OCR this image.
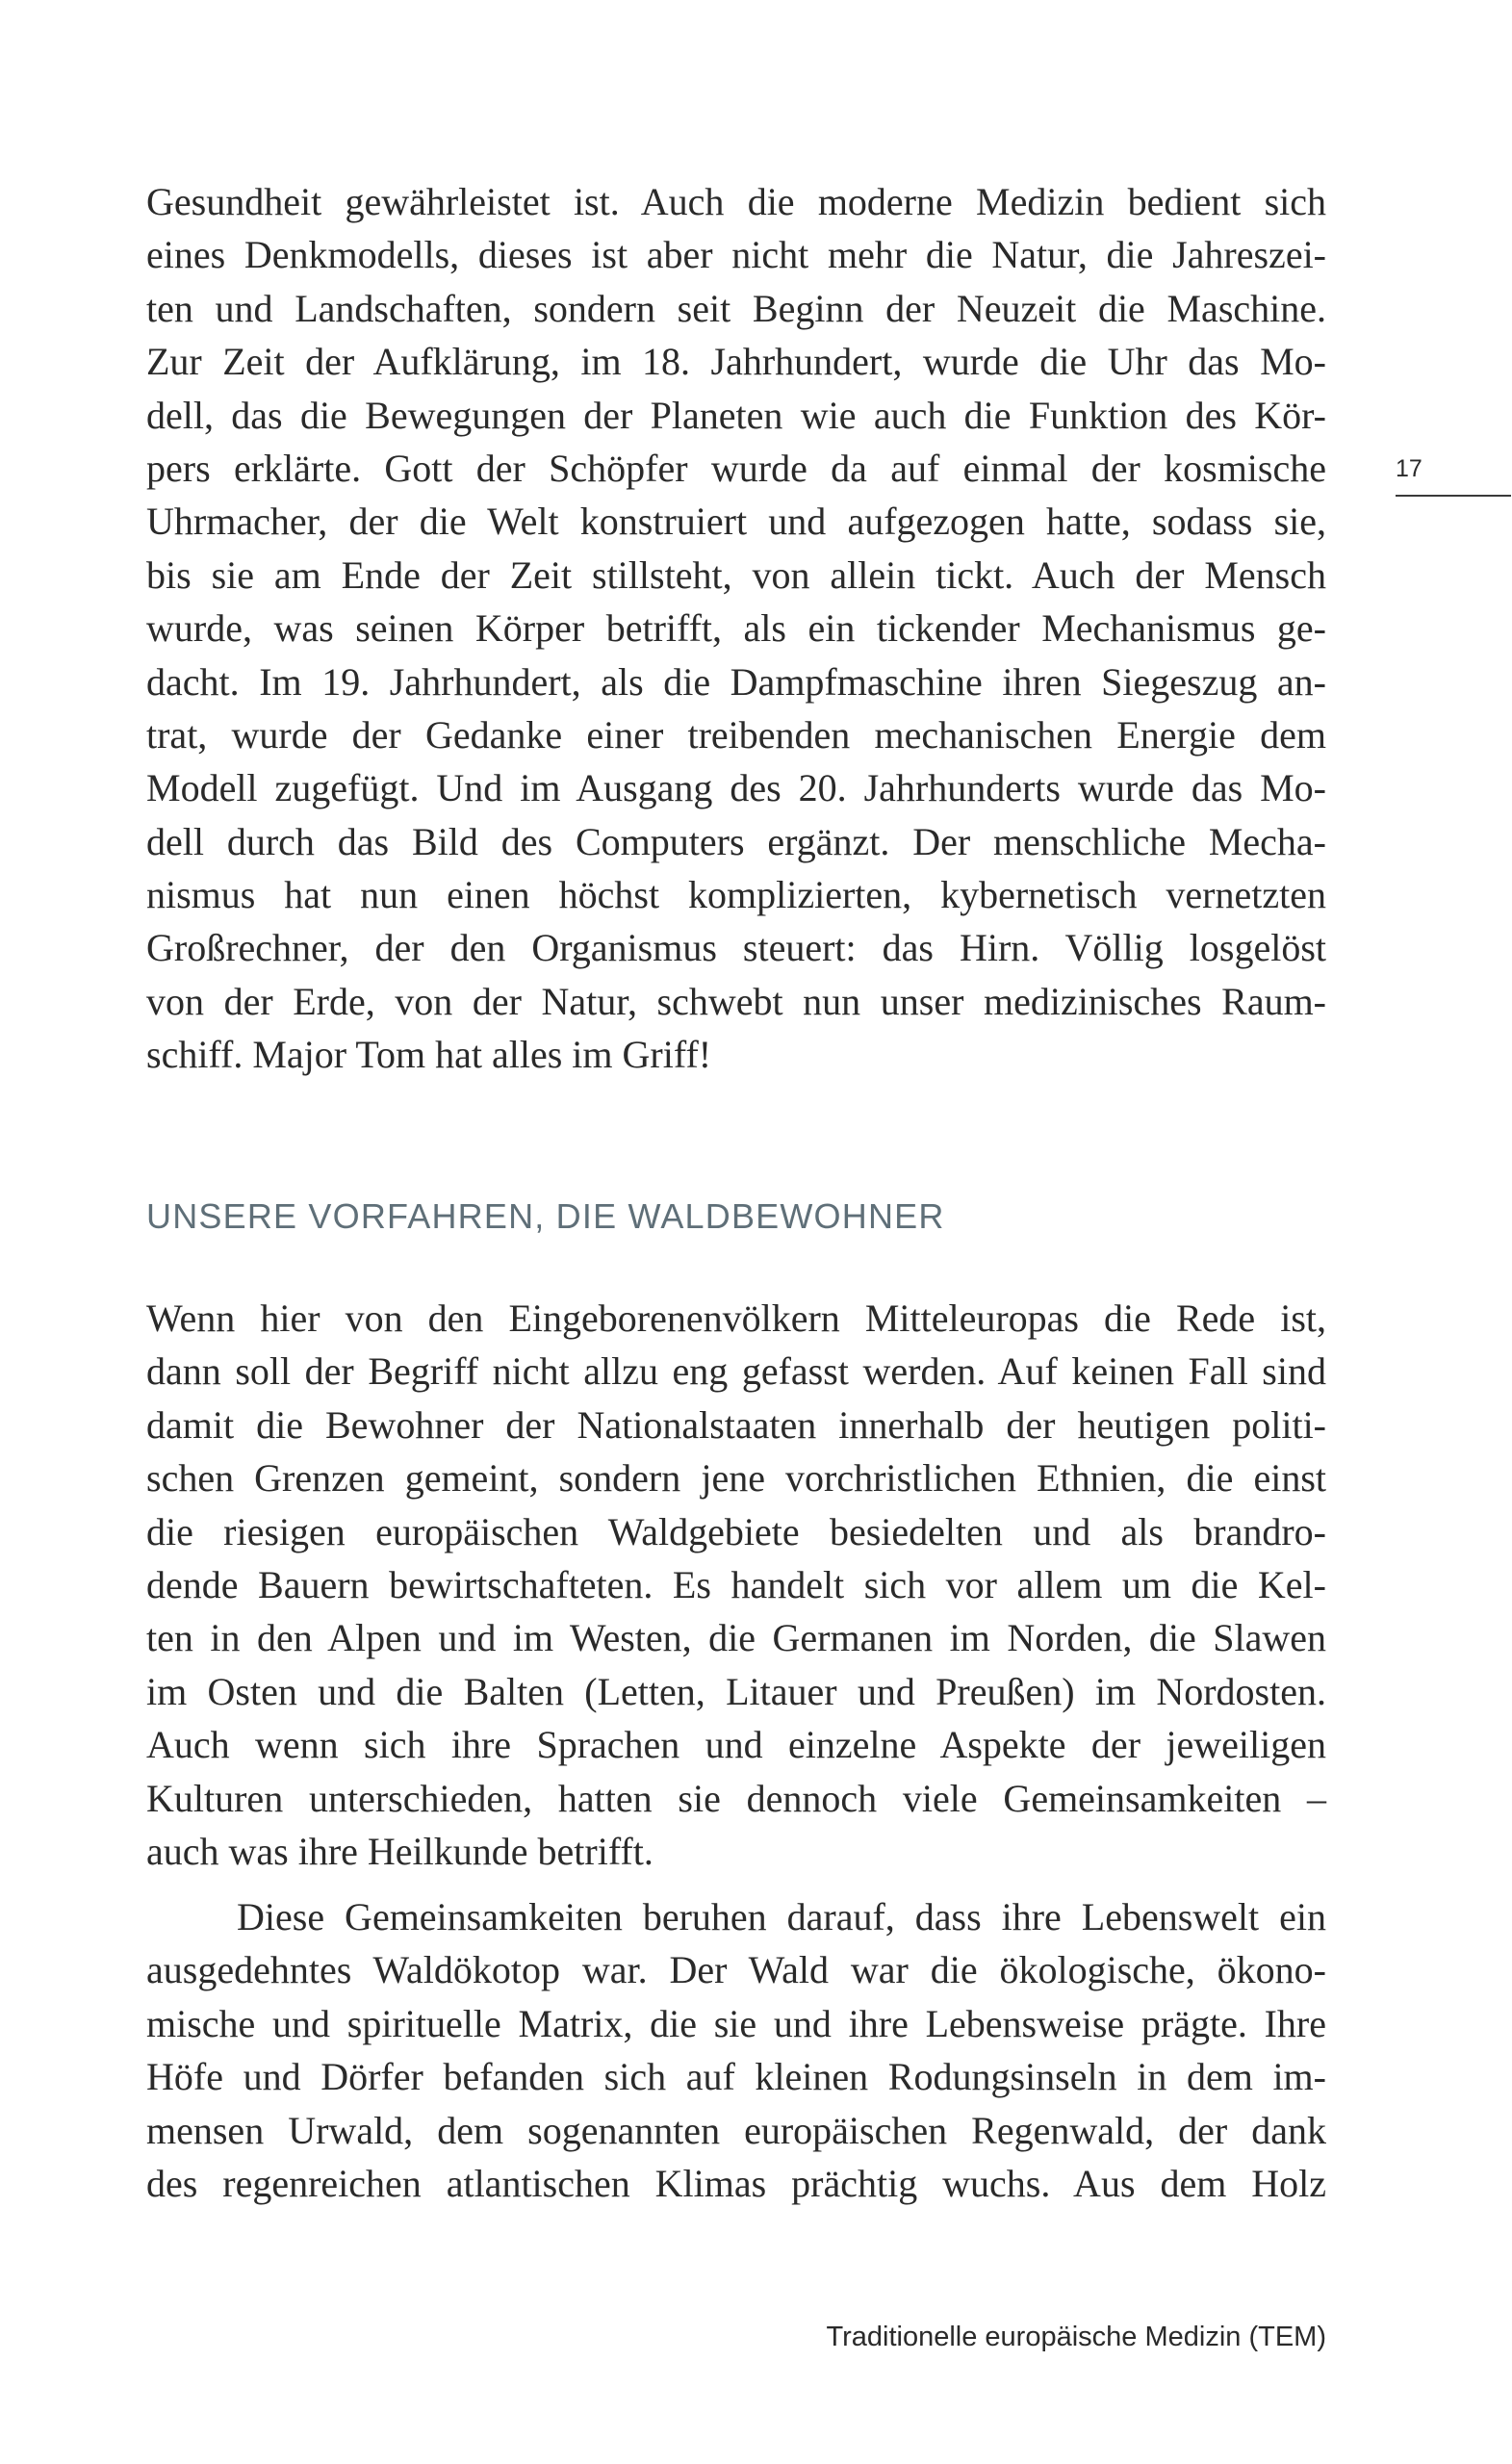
Gesundheit gewährleistet ist. Auch die moderne Medizin bedient sich
eines Denkmodells, dieses ist aber nicht mehr die Natur, die Jahreszei-
ten und Landschaften, sondern seit Beginn der Neuzeit die Maschine.
Zur Zeit der Aufklärung, im 18. Jahrhundert, wurde die Uhr das Mo-
dell, das die Bewegungen der Planeten wie auch die Funktion des Kör-
pers erklärte. Gott der Schöpfer wurde da auf einmal der kosmische
Uhrmacher, der die Welt konstruiert und aufgezogen hatte, sodass sie,
bis sie am Ende der Zeit stillsteht, von allein tickt. Auch der Mensch
wurde, was seinen Körper betrifft, als ein tickender Mechanismus ge-
dacht. Im 19. Jahrhundert, als die Dampfmaschine ihren Siegeszug an-
trat, wurde der Gedanke einer treibenden mechanischen Energie dem
Modell zugefügt. Und im Ausgang des 20. Jahrhunderts wurde das Mo-
dell durch das Bild des Computers ergänzt. Der menschliche Mecha-
nismus hat nun einen höchst komplizierten, kybernetisch vernetzten
Großrechner, der den Organismus steuert: das Hirn. Völlig losgelöst
von der Erde, von der Natur, schwebt nun unser medizinisches Raum-
schiff. Major Tom hat alles im Griff!
17
UNSERE VORFAHREN, DIE WALDBEWOHNER
Wenn hier von den Eingeborenenvölkern Mitteleuropas die Rede ist,
dann soll der Begriff nicht allzu eng gefasst werden. Auf keinen Fall sind
damit die Bewohner der Nationalstaaten innerhalb der heutigen politi-
schen Grenzen gemeint, sondern jene vorchristlichen Ethnien, die einst
die riesigen europäischen Waldgebiete besiedelten und als brandro-
dende Bauern bewirtschafteten. Es handelt sich vor allem um die Kel-
ten in den Alpen und im Westen, die Germanen im Norden, die Slawen
im Osten und die Balten (Letten, Litauer und Preußen) im Nordosten.
Auch wenn sich ihre Sprachen und einzelne Aspekte der jeweiligen
Kulturen unterschieden, hatten sie dennoch viele Gemeinsamkeiten –
auch was ihre Heilkunde betrifft.
Diese Gemeinsamkeiten beruhen darauf, dass ihre Lebenswelt ein
ausgedehntes Waldökotop war. Der Wald war die ökologische, ökono-
mische und spirituelle Matrix, die sie und ihre Lebensweise prägte. Ihre
Höfe und Dörfer befanden sich auf kleinen Rodungsinseln in dem im-
mensen Urwald, dem sogenannten europäischen Regenwald, der dank
des regenreichen atlantischen Klimas prächtig wuchs. Aus dem Holz
Traditionelle europäische Medizin (TEM)
